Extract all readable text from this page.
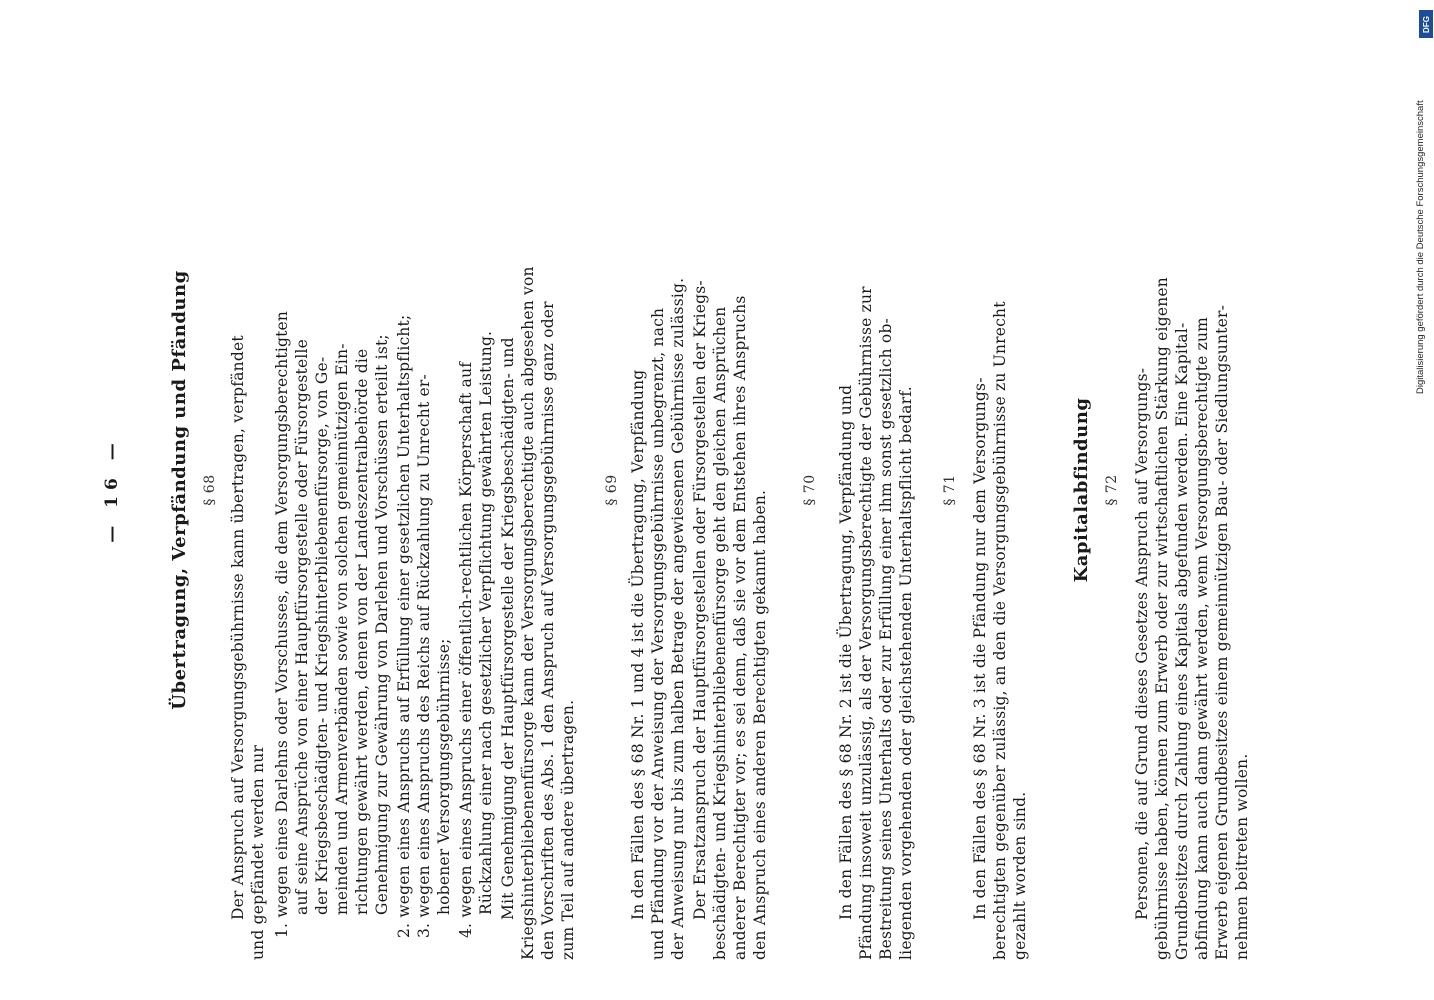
— 16 —	Übertragung, Verpfändung und Pfändung § 68 Der Anspruch auf Versorgungsgebührnisse kann übertragen, verpfändet und gepfändet werden nur 1. wegen eines Darlehns oder Vorschusses, die dem Versorgungsberechtigten auf seine Ansprüche von einer Hauptfürsorgestelle oder Fürsorgestelle der Kriegsbeschädigten- und Kriegshinterbliebenenfürsorge, von Ge- meinden und Armenverbänden sowie von solchen gemeinnützigen Ein- richtungen gewährt werden, denen von der Landeszentralbehörde die Genehmigung zur Gewährung von Darlehen und Vorschüssen erteilt ist; 2. wegen eines Anspruchs auf Erfüllung einer gesetzlichen Unterhaltspflicht; 3. wegen eines Anspruchs des Reichs auf Rückzahlung zu Unrecht er- hobener Versorgungsgebührnisse; 4. wegen eines Anspruchs einer öffentlich-rechtlichen Körperschaft auf Rückzahlung einer nach gesetzlicher Verpflichtung gewährten Leistung. Mit Genehmigung der Hauptfürsorgestelle der Kriegsbeschädigten- und Kriegshinterbliebenenfürsorge kann der Versorgungsberechtigte auch abgesehen von den Vorschriften des Abs. 1 den Anspruch auf Versorgungsgebührnisse ganz oder zum Teil auf andere übertragen.
§ 69 In den Fällen des § 68 Nr. 1 und 4 ist die Übertragung, Verpfändung und Pfändung vor der Anweisung der Versorgungsgebührnisse unbegrenzt, nach der Anweisung nur bis zum halben Betrage der angewiesenen Gebührnisse zulässig. Der Ersatzanspruch der Hauptfürsorgestellen oder Fürsorgestellen der Kriegs- beschädigten- und Kriegshinterbliebenenfürsorge geht den gleichen Ansprüchen anderer Berechtigter vor; es sei denn, daß sie vor dem Entstehen ihres Anspruchs den Anspruch eines anderen Berechtigten gekannt haben. § 70 In den Fällen des § 68 Nr. 2 ist die Übertragung, Verpfändung und Pfändung insoweit unzulässig, als der Versorgungsberechtigte der Gebührnisse zur Bestreitung seines Unterhalts oder zur Erfüllung einer ihm sonst gesetzlich ob- liegenden vorgehenden oder gleichstehenden Unterhaltspflicht bedarf. § 71 In den Fällen des § 68 Nr. 3 ist die Pfändung nur dem Versorgungs- berechtigten gegenüber zulässig, an den die Versorgungsgebührnisse zu Unrecht gezahlt worden sind.
Kapitalabfindung § 72 Personen, die auf Grund dieses Gesetzes Anspruch auf Versorgungs- gebührnisse haben, können zum Erwerb oder zur wirtschaftlichen Stärkung eigenen Grundbesitzes durch Zahlung eines Kapitals abgefunden werden. Eine Kapital- abfindung kann auch dann gewährt werden, wenn Versorgungsberechtigte zum Erwerb eigenen Grundbesitzes einem gemeinnützigen Bau- oder Siedlungsunter- nehmen beitreten wollen.
DFG
Digitalisierung gefördert durch die Deutsche Forschungsgemeinschaft
